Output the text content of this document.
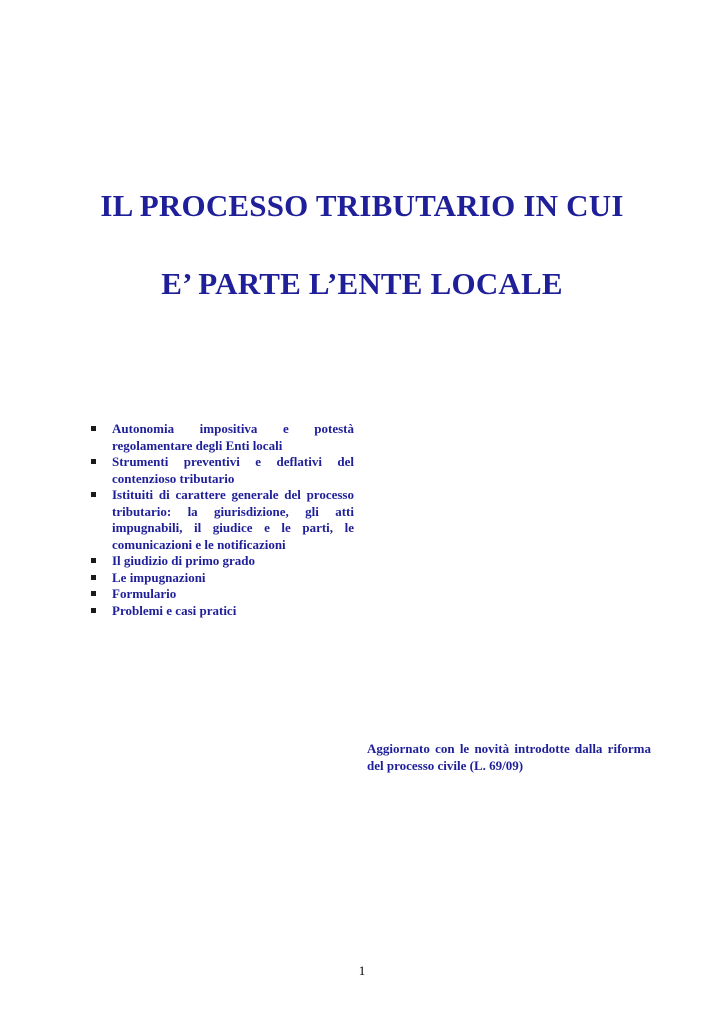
IL PROCESSO TRIBUTARIO IN CUI
E’ PARTE L’ENTE LOCALE
Autonomia impositiva e potestà regolamentare degli Enti locali
Strumenti preventivi e deflativi del contenzioso tributario
Istituiti di carattere generale del processo tributario: la giurisdizione, gli atti impugnabili, il giudice e le parti, le comunicazioni e le notificazioni
Il giudizio di primo grado
Le impugnazioni
Formulario
Problemi e casi pratici

Aggiornato con le novità introdotte dalla riforma del processo civile (L. 69/09)

1
